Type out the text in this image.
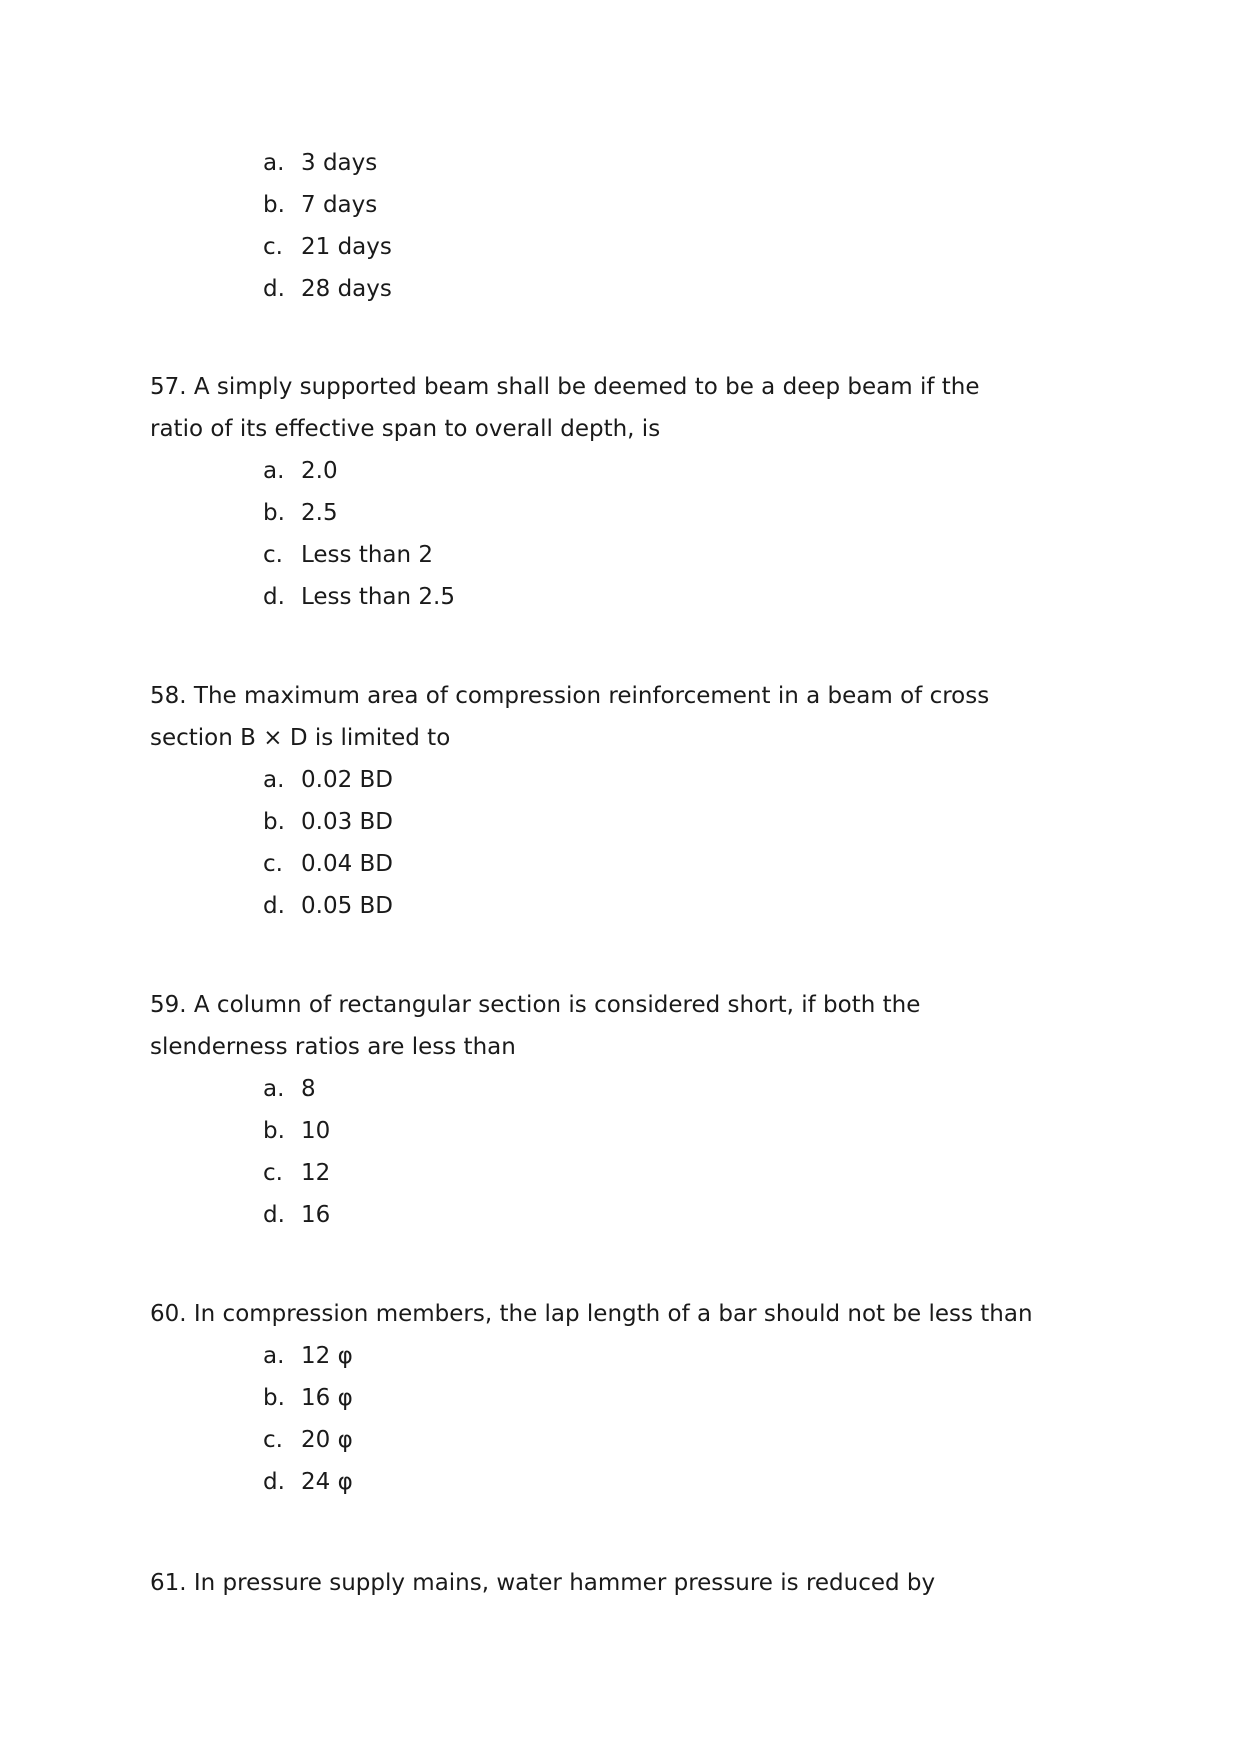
a. 3 days
b. 7 days
c. 21 days
d. 28 days

57. A simply supported beam shall be deemed to be a deep beam if the

ratio of its effective span to overall depth, is

a. 2.0
b. 2.5
c. Less than 2
d. Less than 2.5

58. The maximum area of compression reinforcement in a beam of cross

section B × D is limited to

a. 0.02 BD
b. 0.03 BD
c. 0.04 BD
d. 0.05 BD

59. A column of rectangular section is considered short, if both the

slenderness ratios are less than

a. 8
b. 10
c. 12
d. 16

60. In compression members, the lap length of a bar should not be less than

a. 12 φ
b. 16 φ
c. 20 φ
d. 24 φ

61. In pressure supply mains, water hammer pressure is reduced by
